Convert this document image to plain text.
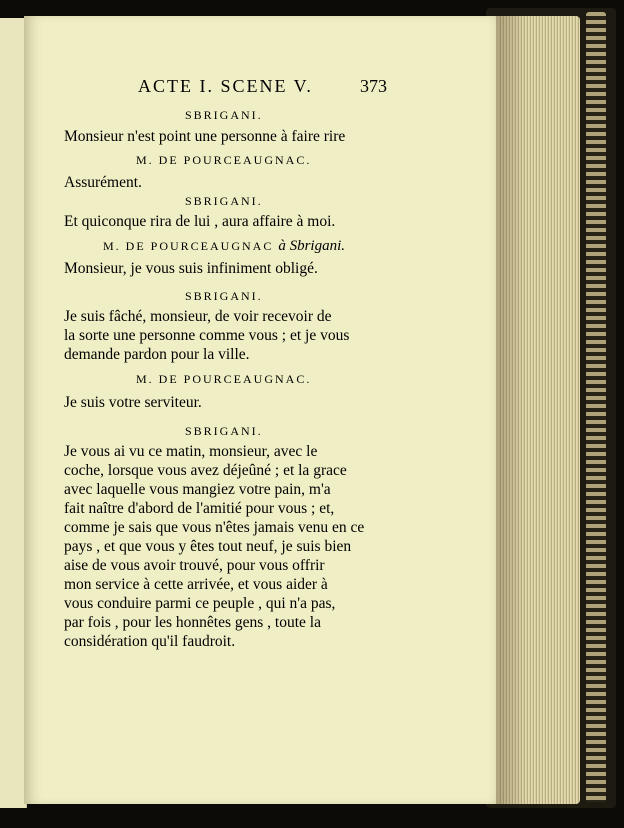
ACTE I. SCENE V.	373
SBRIGANI.
Monsieur n'est point une personne à faire rire
M. DE POURCEAUGNAC.
Assurément.
SBRIGANI.
Et quiconque rira de lui , aura affaire à moi.
M. DE POURCEAUGNAC à Sbrigani.
Monsieur, je vous suis infiniment obligé.
SBRIGANI.
Je suis fâché, monsieur, de voir recevoir de
la sorte une personne comme vous ; et je vous
demande pardon pour la ville.
M. DE POURCEAUGNAC.
Je suis votre serviteur.
SBRIGANI.
Je vous ai vu ce matin, monsieur, avec le
coche, lorsque vous avez déjeûné ; et la grace
avec laquelle vous mangiez votre pain, m'a
fait naître d'abord de l'amitié pour vous ; et,
comme je sais que vous n'êtes jamais venu en ce
pays , et que vous y êtes tout neuf, je suis bien
aise de vous avoir trouvé, pour vous offrir
mon service à cette arrivée, et vous aider à
vous conduire parmi ce peuple , qui n'a pas,
par fois , pour les honnêtes gens , toute la
considération qu'il faudroit.
